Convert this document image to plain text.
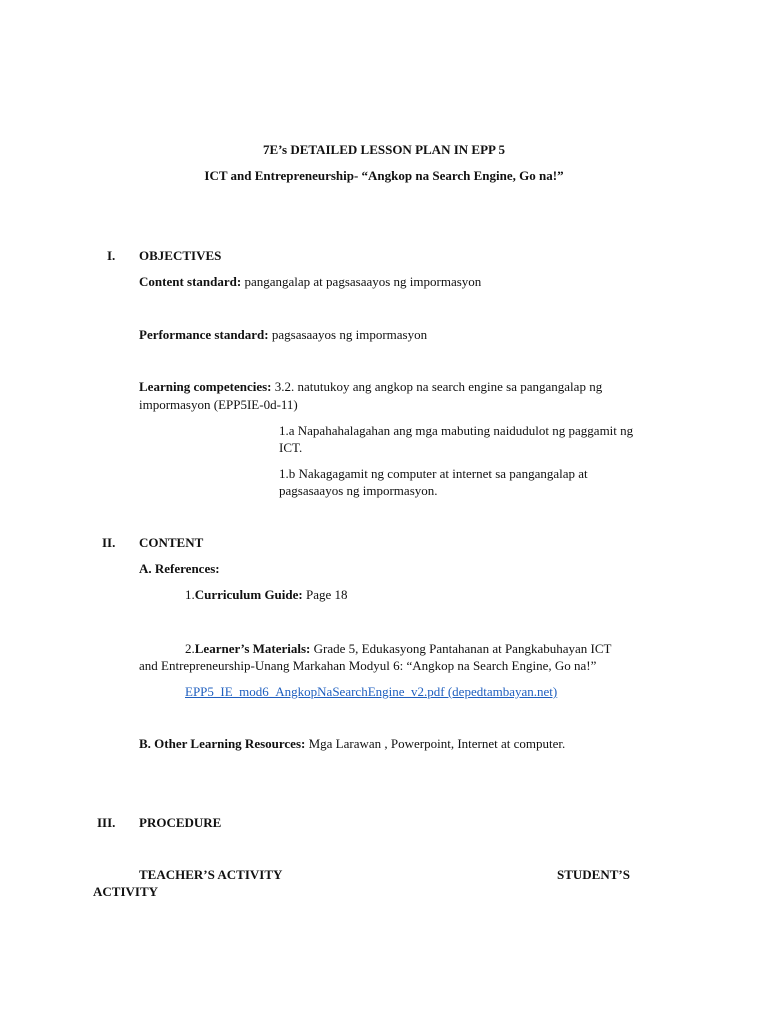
7E’s DETAILED LESSON PLAN IN EPP 5
ICT and Entrepreneurship- “Angkop na Search Engine, Go na!”
I. OBJECTIVES
Content standard: pangangalap at pagsasaayos ng impormasyon
Performance standard: pagsasaayos ng impormasyon
Learning competencies: 3.2. natutukoy ang angkop na search engine sa pangangalap ng
impormasyon (EPP5IE-0d-11)
1.a Napahahalagahan ang mga mabuting naidudulot ng paggamit ng
ICT.
1.b Nakagagamit ng computer at internet sa pangangalap at
pagsasaayos ng impormasyon.
II. CONTENT
A. References:
1.Curriculum Guide: Page 18
2.Learner’s Materials: Grade 5, Edukasyong Pantahanan at Pangkabuhayan ICT
and Entrepreneurship-Unang Markahan Modyul 6: “Angkop na Search Engine, Go na!”
EPP5_IE_mod6_AngkopNaSearchEngine_v2.pdf (depedtambayan.net)
B. Other Learning Resources: Mga Larawan , Powerpoint, Internet at computer.
III. PROCEDURE
TEACHER’S ACTIVITY	STUDENT’S
ACTIVITY
